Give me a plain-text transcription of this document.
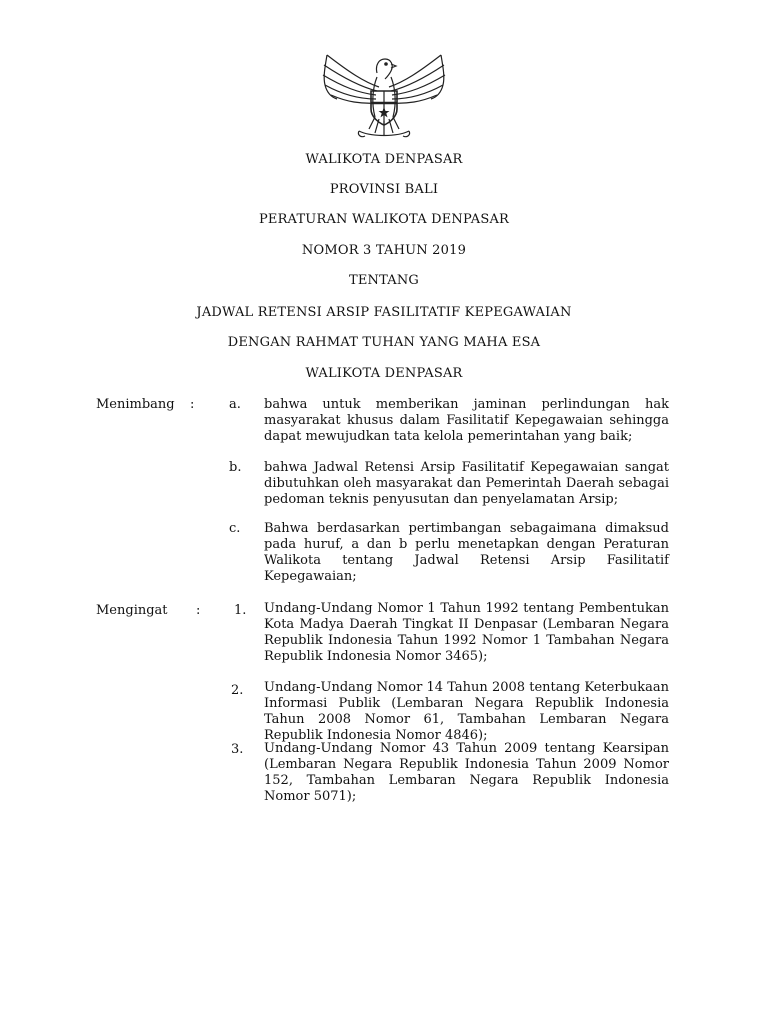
WALIKOTA DENPASAR
PROVINSI BALI
PERATURAN WALIKOTA DENPASAR
NOMOR 3 TAHUN 2019
TENTANG
JADWAL RETENSI ARSIP FASILITATIF KEPEGAWAIAN
DENGAN RAHMAT TUHAN YANG MAHA ESA
WALIKOTA DENPASAR
Menimbang :	a. bahwa untuk memberikan jaminan perlindungan hak masyarakat khusus dalam Fasilitatif Kepegawaian sehingga dapat mewujudkan tata kelola pemerintahan yang baik;
b. bahwa Jadwal Retensi Arsip Fasilitatif Kepegawaian sangat dibutuhkan oleh masyarakat dan Pemerintah Daerah sebagai pedoman teknis penyusutan dan penyelamatan Arsip;
c. Bahwa berdasarkan pertimbangan sebagaimana dimaksud pada huruf, a dan b perlu menetapkan dengan Peraturan Walikota tentang Jadwal Retensi Arsip Fasilitatif Kepegawaian;
Mengingat	:	1. Undang-Undang Nomor 1 Tahun 1992 tentang Pembentukan Kota Madya Daerah Tingkat II Denpasar (Lembaran Negara Republik Indonesia Tahun 1992 Nomor 1 Tambahan Negara Republik Indonesia Nomor 3465);
2. Undang-Undang Nomor 14 Tahun 2008 tentang Keterbukaan Informasi Publik (Lembaran Negara Republik Indonesia Tahun 2008 Nomor 61, Tambahan Lembaran Negara Republik Indonesia Nomor 4846);
3. Undang-Undang Nomor 43 Tahun 2009 tentang Kearsipan (Lembaran Negara Republik Indonesia Tahun 2009 Nomor 152, Tambahan Lembaran Negara Republik Indonesia Nomor 5071);
